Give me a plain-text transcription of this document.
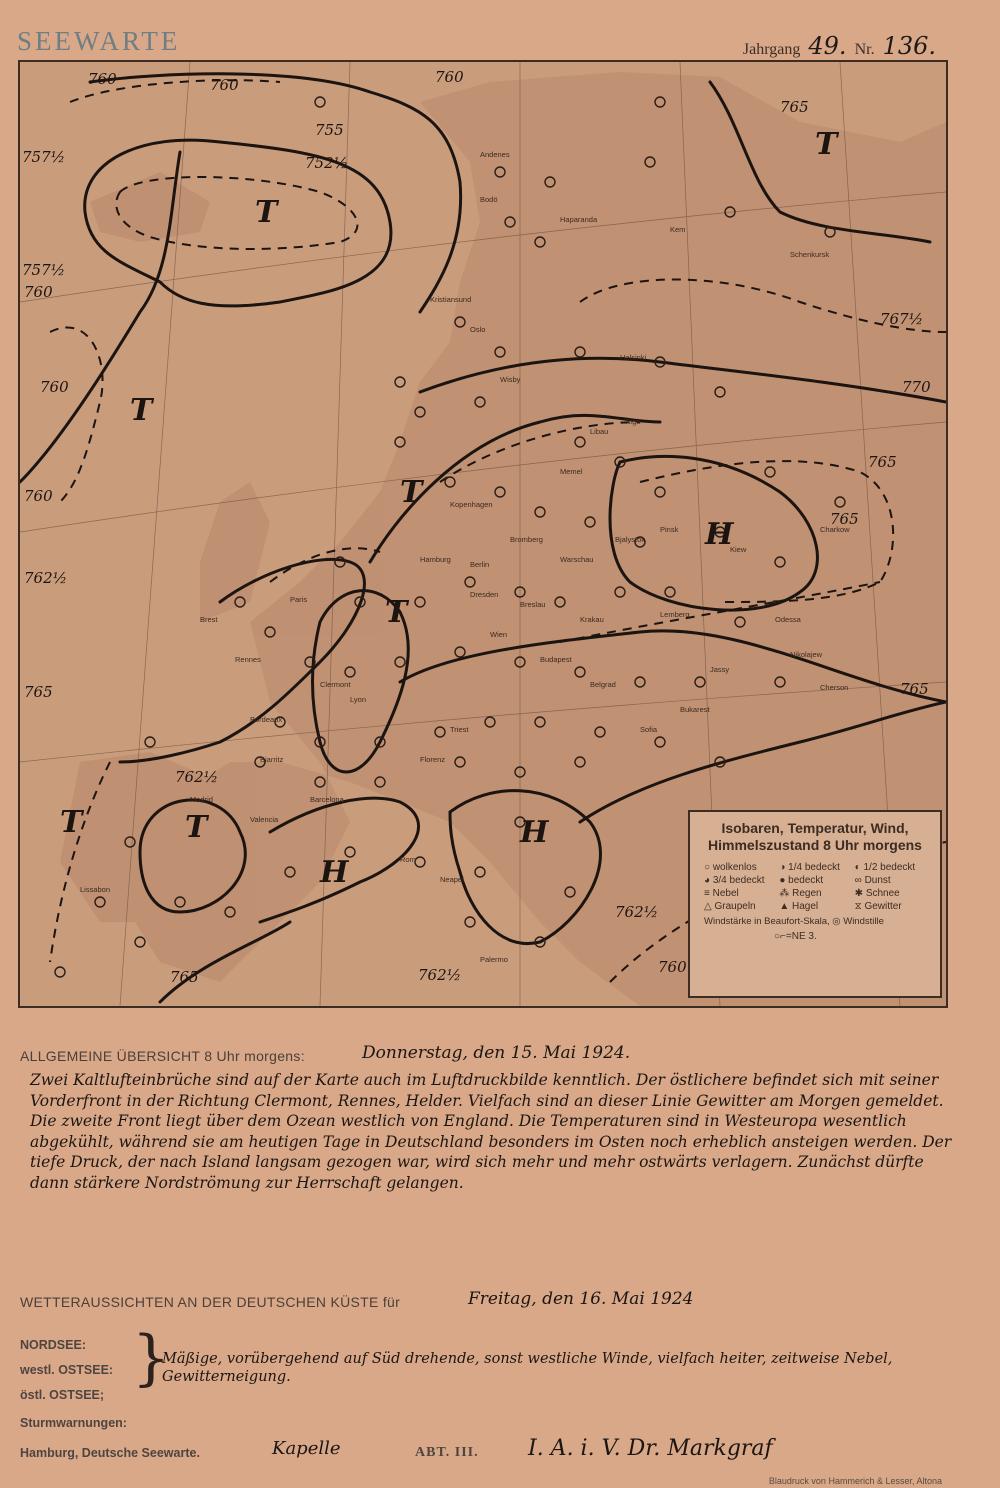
SEEWARTE	Jahrgang 49. Nr. 136.
760	760	760
755
752½
757½
757½
760
760
762½
765
762½
765
767½
770
765
765
765
762½
760
762½
765
760
T
T
T
H
T
T
T
H
H
T
Andenes
Kem
Schenkursk
Bodö
Haparanda
Helsinki
Kristiansund
Oslo
Wisby
Riga
Libau
Memel
Kopenhagen
Bromberg
Warschau
Bjalystok
Pinsk
Kiew
Charkow
Hamburg
Berlin
Breslau
Dresden
Krakau
Lemberg
Jassy
Odessa
Nikolajew
Cherson
Wien
Budapest
Belgrad
Bukarest
Sofia
Brest
Rennes
Paris
Clermont
Lyon
Bordeaux
Biarritz
Madrid
Lissabon
Barcelona
Rom
Neapel
Palermo
Triest
Florenz
Valencia
Isobaren, Temperatur, Wind,
Himmelszustand 8 Uhr morgens
○ wolkenlos	◑ 1/4 bedeckt	◐ 1/2 bedeckt
◕ 3/4 bedeckt	● bedeckt	∞ Dunst
≡ Nebel	⁂ Regen	✱ Schnee
△ Graupeln	▲ Hagel	⧖ Gewitter
Windstärke in Beaufort-Skala, ◎ Windstille
○⌐=NE 3.
ALLGEMEINE ÜBERSICHT 8 Uhr morgens:	Donnerstag, den 15. Mai 1924.
Zwei Kaltlufteinbrüche sind auf der Karte auch im Luftdruckbilde kenntlich. Der östlichere befindet sich mit seiner Vorderfront in der Richtung Clermont, Rennes, Helder. Vielfach sind an dieser Linie Gewitter am Morgen gemeldet. Die zweite Front liegt über dem Ozean westlich von England. Die Temperaturen sind in Westeuropa wesentlich abgekühlt, während sie am heutigen Tage in Deutschland besonders im Osten noch erheblich ansteigen werden. Der tiefe Druck, der nach Island langsam gezogen war, wird sich mehr und mehr ostwärts verlagern. Zunächst dürfte dann stärkere Nordströmung zur Herrschaft gelangen.
WETTERAUSSICHTEN AN DER DEUTSCHEN KÜSTE für	Freitag, den 16. Mai 1924
NORDSEE:
westl. OSTSEE:
östl. OSTSEE;
}
Mäßige, vorübergehend auf Süd drehende, sonst westliche Winde, vielfach heiter, zeitweise Nebel, Gewitterneigung.
Sturmwarnungen:
Hamburg, Deutsche Seewarte.	Kapelle	ABT. III. I. A. i. V. Dr. Markgraf
Blaudruck von Hammerich & Lesser, Altona
